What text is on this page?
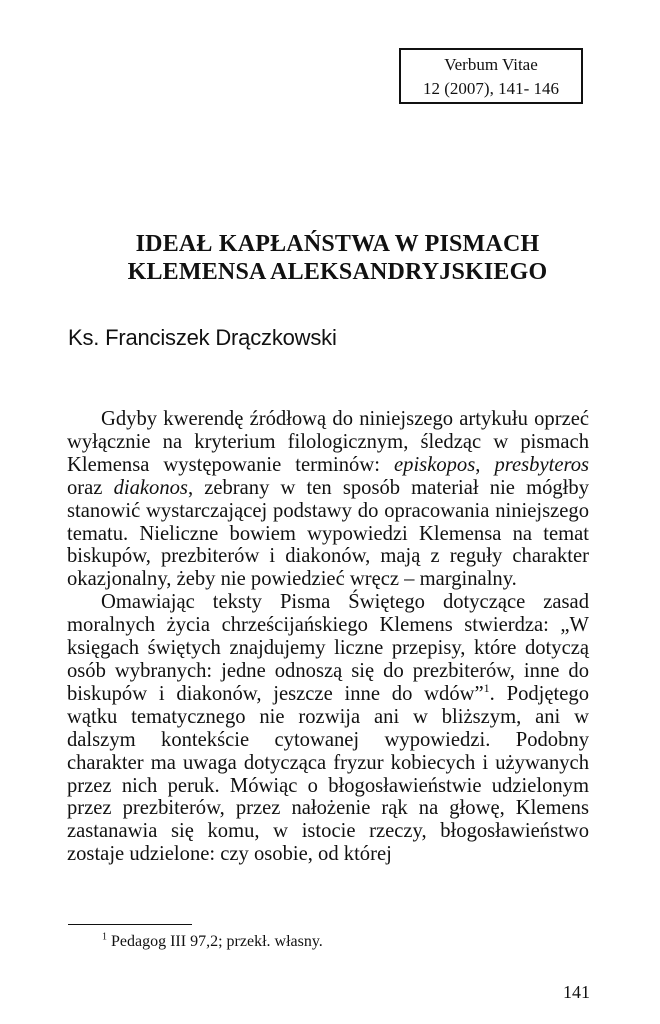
Verbum Vitae
12 (2007), 141- 146
IDEAŁ KAPŁAŃSTWA W PISMACH
KLEMENSA ALEKSANDRYJSKIEGO
Ks. Franciszek Drączkowski

Gdyby kwerendę źródłową do niniejszego artykułu oprzeć wyłącznie na kryterium filologicznym, śledząc w pismach Klemensa występowanie terminów: episkopos, presbyteros oraz diakonos, zebrany w ten sposób materiał nie mógłby stanowić wystarczającej podstawy do opracowania niniejszego tematu. Nieliczne bowiem wypowiedzi Klemensa na temat biskupów, prezbiterów i diakonów, mają z reguły charakter okazjonalny, żeby nie powiedzieć wręcz – marginalny.

Omawiając teksty Pisma Świętego dotyczące zasad moralnych życia chrześcijańskiego Klemens stwierdza: „W księgach świętych znajdujemy liczne przepisy, które dotyczą osób wybranych: jedne odnoszą się do prezbiterów, inne do biskupów i diakonów, jeszcze inne do wdów”$^1$. Podjętego wątku tematycznego nie rozwija ani w bliższym, ani w dalszym kontekście cytowanej wypowiedzi. Podobny charakter ma uwaga dotycząca fryzur kobiecych i używanych przez nich peruk. Mówiąc o błogosławieństwie udzielonym przez prezbiterów, przez nałożenie rąk na głowę, Klemens zastanawia się komu, w istocie rzeczy, błogosławieństwo zostaje udzielone: czy osobie, od której

$^1$ Pedagog III 97,2; przekł. własny.
141
